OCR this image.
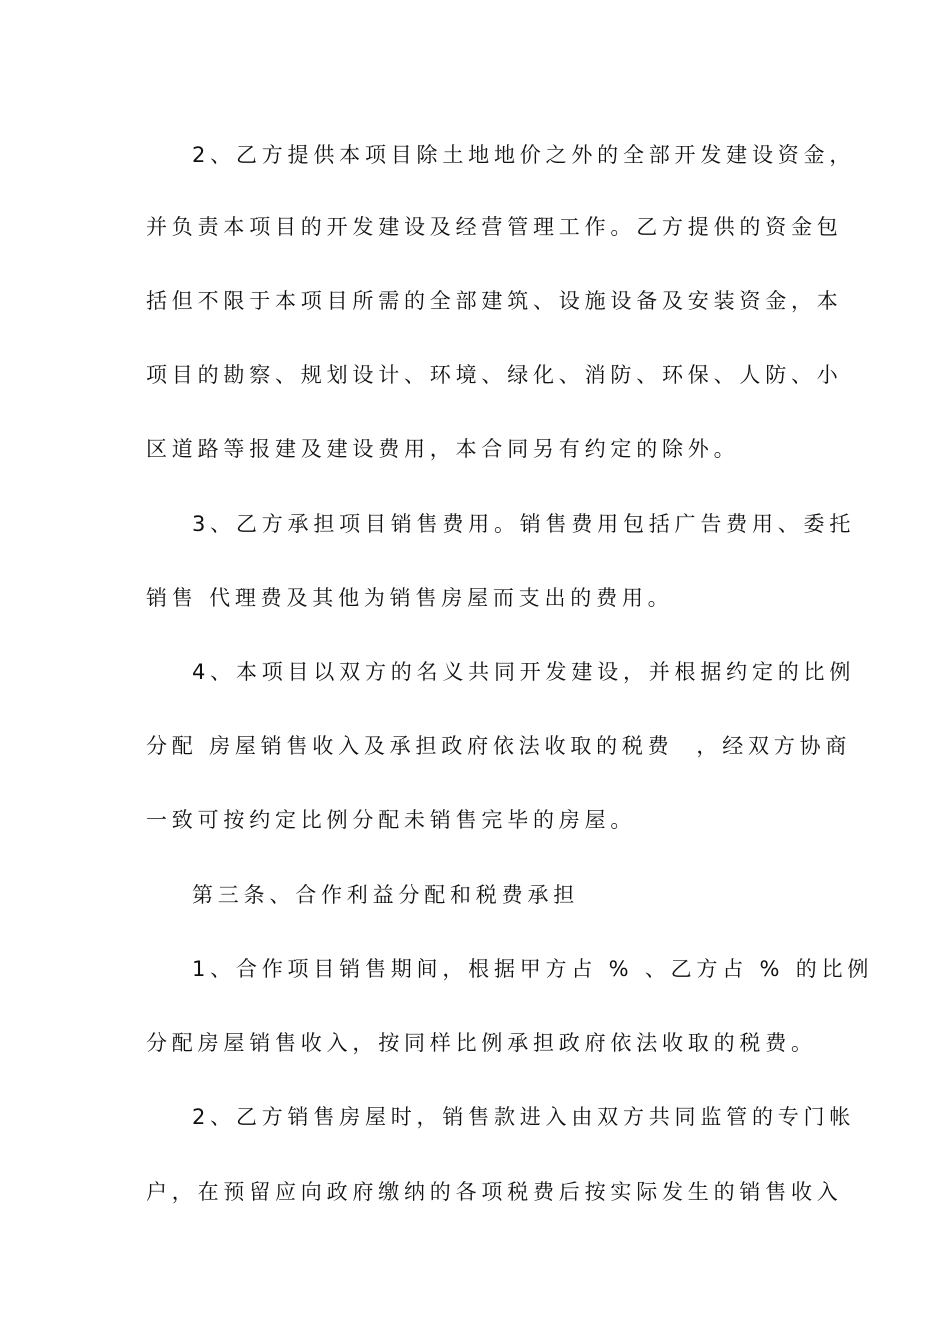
2、乙方提供本项目除土地地价之外的全部开发建设资金，
并负责本项目的开发建设及经营管理工作。乙方提供的资金包
括但不限于本项目所需的全部建筑、设施设备及安装资金，本
项目的勘察、规划设计、环境、绿化、消防、环保、人防、小
区道路等报建及建设费用，本合同另有约定的除外。
3、乙方承担项目销售费用。销售费用包括广告费用、委托
销售 代理费及其他为销售房屋而支出的费用。
4、本项目以双方的名义共同开发建设，并根据约定的比例
分配 房屋销售收入及承担政府依法收取的税费  ，经双方协商
一致可按约定比例分配未销售完毕的房屋。
第三条、合作利益分配和税费承担
1、合作项目销售期间，根据甲方占 % 、乙方占 % 的比例
分配房屋销售收入，按同样比例承担政府依法收取的税费。
2、乙方销售房屋时，销售款进入由双方共同监管的专门帐
户，在预留应向政府缴纳的各项税费后按实际发生的销售收入
